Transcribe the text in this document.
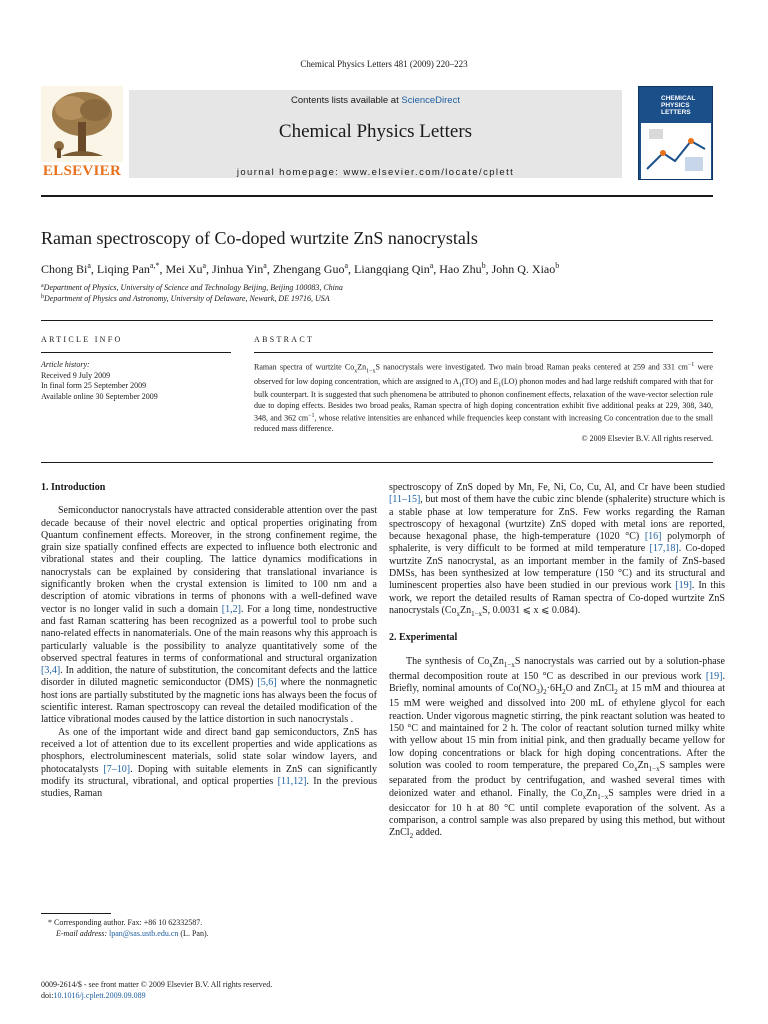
Chemical Physics Letters 481 (2009) 220–223
ELSEVIER
Contents lists available at ScienceDirect
Chemical Physics Letters
journal homepage: www.elsevier.com/locate/cplett
CHEMICAL
PHYSICS
LETTERS
Raman spectroscopy of Co-doped wurtzite ZnS nanocrystals
Chong Bi$^a$, Liqing Pan$^{a,*}$, Mei Xu$^a$, Jinhua Yin$^a$, Zhengang Guo$^a$, Liangqiang Qin$^a$, Hao Zhu$^b$, John Q. Xiao$^b$
$^a$Department of Physics, University of Science and Technology Beijing, Beijing 100083, China
$^b$Department of Physics and Astronomy, University of Delaware, Newark, DE 19716, USA
ARTICLE INFO	ABSTRACT
Article history:
Received 9 July 2009
In final form 25 September 2009
Available online 30 September 2009
Raman spectra of wurtzite $Co_xZn_{1-x}S$ nanocrystals were investigated. Two main broad Raman peaks centered at 259 and 331 $cm^{-1}$ were observed for low doping concentration, which are assigned to $A_1(TO)$ and $E_1(LO)$ phonon modes and had large redshift compared with that for bulk counterpart. It is suggested that such phenomena be attributed to phonon confinement effects, relaxation of the wave-vector selection rule due to doping effects. Besides two broad peaks, Raman spectra of high doping concentration exhibit five additional peaks at 229, 308, 340, 348, and 362 $cm^{-1}$, whose relative intensities are enhanced while frequencies keep constant with increasing Co concentration due to the small reduced mass difference.
© 2009 Elsevier B.V. All rights reserved.

1. Introduction

Semiconductor nanocrystals have attracted considerable attention over the past decade because of their novel electric and optical properties originating from Quantum confinement effects. Moreover, in the strong confinement regime, the grain size spatially confined effects are expected to influence both electronic and vibrational states and their coupling. The lattice dynamics modifications in nanocrystals can be explained by considering that translational invariance is significantly broken when the crystal extension is limited to 100 nm and a description of atomic vibrations in terms of phonons with a well-defined wave vector is no longer valid in such a domain [1,2]. For a long time, nondestructive and fast Raman scattering has been recognized as a powerful tool to probe such nano-related effects in nanomaterials. One of the main reasons why this approach is particularly valuable is the possibility to analyze quantitatively some of the observed spectral features in terms of conformational and structural organization [3,4]. In addition, the nature of substitution, the concomitant defects and the lattice disorder in diluted magnetic semiconductor (DMS) [5,6] where the nonmagnetic host ions are partially substituted by the magnetic ions has always been the focus of scientific interest. Raman spectroscopy can reveal the detailed modification of the lattice vibrational modes caused by the lattice distortion in such nanocrystals .

As one of the important wide and direct band gap semiconductors, ZnS has received a lot of attention due to its excellent properties and wide applications as phosphors, electroluminescent materials, solid state solar window layers, and photocatalysts [7–10]. Doping with suitable elements in ZnS can significantly modify its structural, vibrational, and optical properties [11,12]. In the previous studies, Raman

spectroscopy of ZnS doped by Mn, Fe, Ni, Co, Cu, Al, and Cr have been studied [11–15], but most of them have the cubic zinc blende (sphalerite) structure which is a stable phase at low temperature for ZnS. Few works regarding the Raman spectroscopy of hexagonal (wurtzite) ZnS doped with metal ions are reported, because hexagonal phase, the high-temperature (1020 °C) [16] polymorph of sphalerite, is very difficult to be formed at mild temperature [17,18]. Co-doped wurtzite ZnS nanocrystal, as an important member in the family of ZnS-based DMSs, has been synthesized at low temperature (150 °C) and its structural and luminescent properties also have been studied in our previous work [19]. In this work, we report the detailed results of Raman spectra of Co-doped wurtzite ZnS nanocrystals ($Co_xZn_{1-x}S$, 0.0031 ⩽ x ⩽ 0.084).

2. Experimental

The synthesis of $Co_xZn_{1-x}S$ nanocrystals was carried out by a solution-phase thermal decomposition route at 150 °C as described in our previous work [19]. Briefly, nominal amounts of $Co(NO_3)_2\cdot 6H_2O$ and ZnCl$_2$ at 15 mM and thiourea at 15 mM were weighed and dissolved into 200 mL of ethylene glycol for each reaction. Under vigorous magnetic stirring, the pink reactant solution was heated to 150 °C and maintained for 2 h. The color of reactant solution turned milky white with yellow about 15 min from initial pink, and then gradually became yellow for low doping concentrations or black for high doping concentrations. After the solution was cooled to room temperature, the prepared $Co_xZn_{1-x}S$ samples were separated from the product by centrifugation, and washed several times with deionized water and ethanol. Finally, the $Co_xZn_{1-x}S$ samples were dried in a desiccator for 10 h at 80 °C until complete evaporation of the solvent. As a comparison, a control sample was also prepared by using this method, but without ZnCl$_2$ added.

* Corresponding author. Fax: +86 10 62332587.
E-mail address: lpan@sas.ustb.edu.cn (L. Pan).
0009-2614/$ - see front matter © 2009 Elsevier B.V. All rights reserved.
doi:10.1016/j.cplett.2009.09.089
